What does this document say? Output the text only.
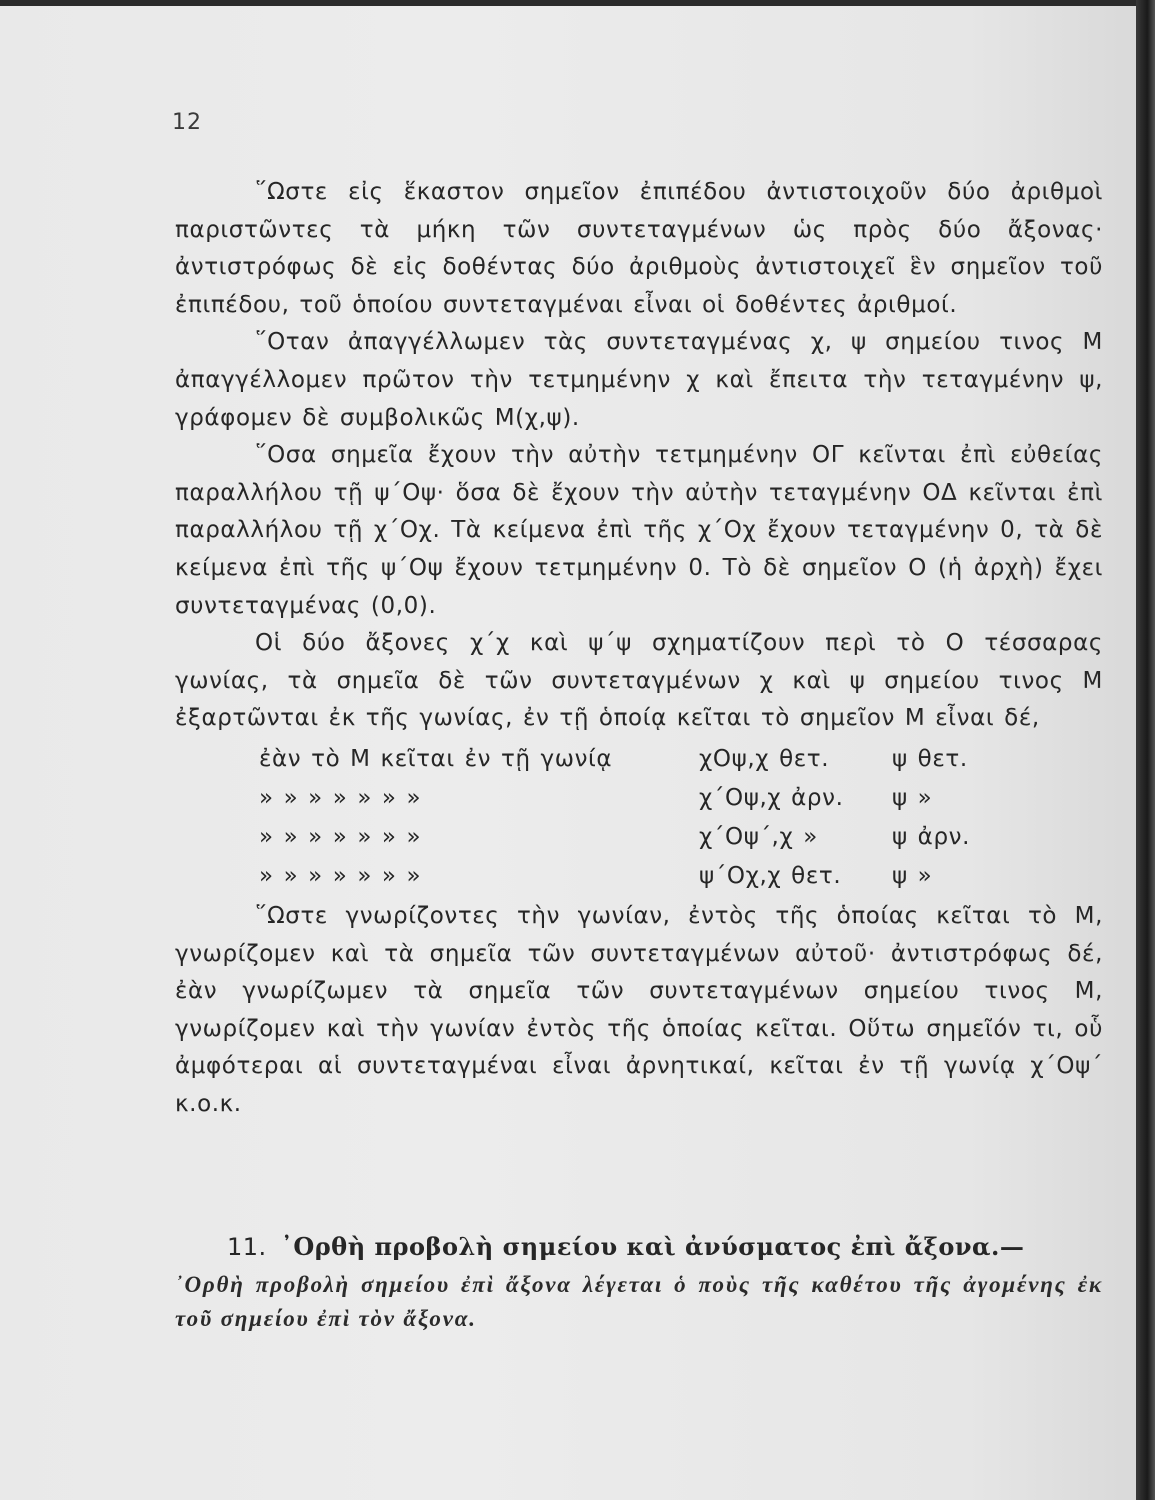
12

῞Ωστε εἰς ἕκαστον σημεῖον ἐπιπέδου ἀντιστοιχοῦν δύο ἀριθμοὶ παριστῶντες τὰ μήκη τῶν συντεταγμένων ὡς πρὸς δύο ἄξονας· ἀντιστρόφως δὲ εἰς δοθέντας δύο ἀριθμοὺς ἀντιστοιχεῖ ἓν σημεῖον τοῦ ἐπιπέδου, τοῦ ὁποίου συντεταγμέναι εἶναι οἱ δοθέντες ἀριθμοί.

῞Οταν ἀπαγγέλλωμεν τὰς συντεταγμένας χ, ψ σημείου τινος Μ ἀπαγγέλλομεν πρῶτον τὴν τετμημένην χ καὶ ἔπειτα τὴν τεταγμένην ψ, γράφομεν δὲ συμβολικῶς Μ(χ,ψ).

῞Οσα σημεῖα ἔχουν τὴν αὐτὴν τετμημένην ΟΓ κεῖνται ἐπὶ εὐθείας παραλλήλου τῇ ψ΄Οψ· ὅσα δὲ ἔχουν τὴν αὐτὴν τεταγμένην ΟΔ κεῖνται ἐπὶ παραλλήλου τῇ χ΄Οχ. Τὰ κείμενα ἐπὶ τῆς χ΄Οχ ἔχουν τεταγμένην 0, τὰ δὲ κείμενα ἐπὶ τῆς ψ΄Οψ ἔχουν τετμημένην 0. Τὸ δὲ σημεῖον Ο (ἡ ἀρχὴ) ἔχει συντεταγμένας (0,0).

Οἱ δύο ἄξονες χ΄χ καὶ ψ΄ψ σχηματίζουν περὶ τὸ Ο τέσσαρας γωνίας, τὰ σημεῖα δὲ τῶν συντεταγμένων χ καὶ ψ σημείου τινος Μ ἐξαρτῶνται ἐκ τῆς γωνίας, ἐν τῇ ὁποίᾳ κεῖται τὸ σημεῖον Μ εἶναι δέ,

ἐὰν τὸ Μ κεῖται ἐν τῇ γωνίᾳ	χΟψ,χ θετ.	ψ θετ.
» » » » » » »	χ΄Οψ,χ ἀρν.	ψ »
» » » » » » »	χ΄Οψ΄,χ »	ψ ἀρν.
» » » » » » »	ψ΄Οχ,χ θετ.	ψ »

῞Ωστε γνωρίζοντες τὴν γωνίαν, ἐντὸς τῆς ὁποίας κεῖται τὸ Μ, γνωρίζομεν καὶ τὰ σημεῖα τῶν συντεταγμένων αὐτοῦ· ἀντιστρόφως δέ, ἐὰν γνωρίζωμεν τὰ σημεῖα τῶν συντεταγμένων σημείου τινος Μ, γνωρίζομεν καὶ τὴν γωνίαν ἐντὸς τῆς ὁποίας κεῖται. Οὕτω σημεῖόν τι, οὗ ἀμφότεραι αἱ συντεταγμέναι εἶναι ἀρνητικαί, κεῖται ἐν τῇ γωνίᾳ χ΄Οψ΄ κ.ο.κ.

11. ᾿Ορθὴ προβολὴ σημείου καὶ ἀνύσματος ἐπὶ ἄξονα.—

᾿Ορθὴ προβολὴ σημείου ἐπὶ ἄξονα λέγεται ὁ ποὺς τῆς καθέτου τῆς ἀγομένης ἐκ τοῦ σημείου ἐπὶ τὸν ἄξονα.
